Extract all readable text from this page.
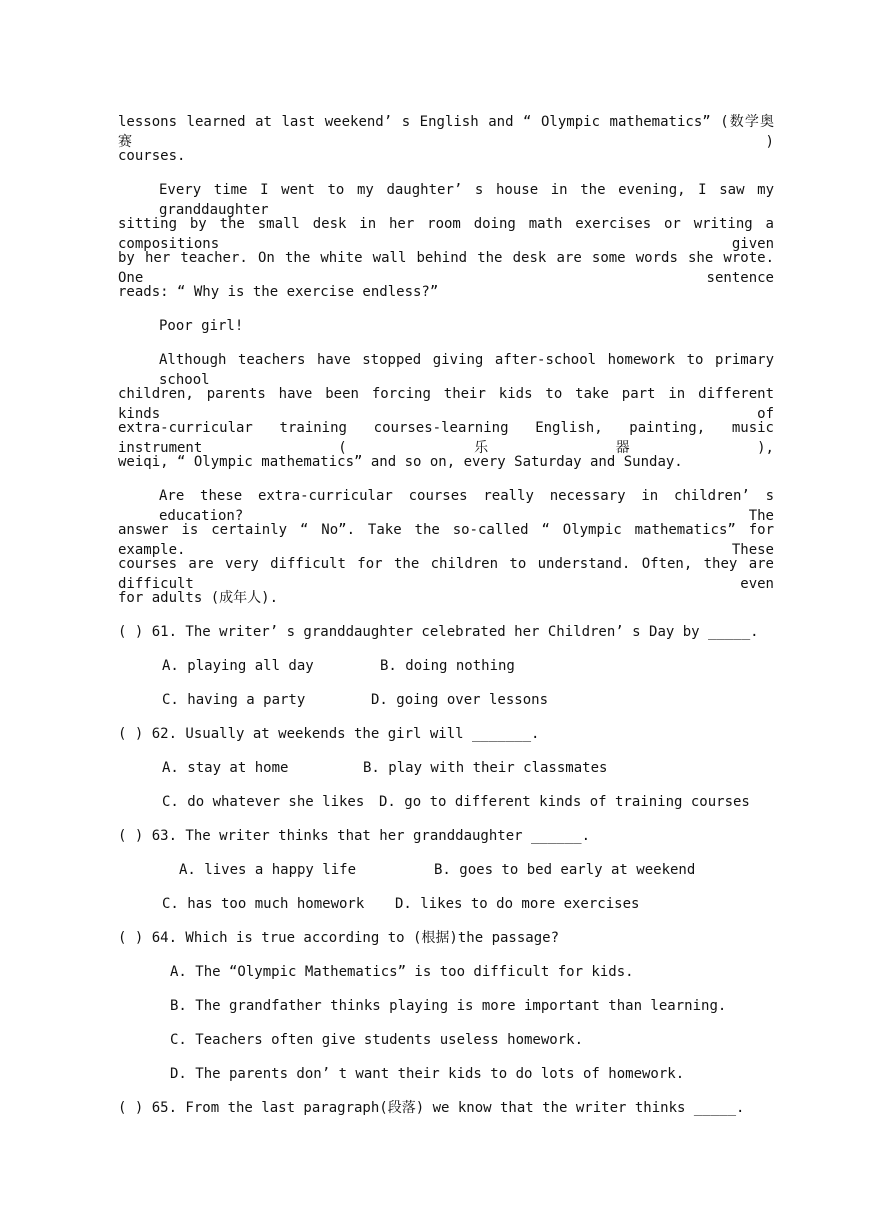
lessons learned at last weekend’ s English and “ Olympic mathematics” (数学奥赛)

courses.

Every time I went to my daughter’ s house in the evening, I saw my granddaughter

sitting by the small desk in her room doing math exercises or writing a compositions given

by her teacher. On the white wall behind the desk are some words she wrote. One sentence

reads: “ Why is the exercise endless?”

Poor girl!

Although teachers have stopped giving after-school homework to primary school

children, parents have been forcing their kids to take part in different kinds of

extra-curricular training courses-learning English, painting, music instrument (乐器),

weiqi, “ Olympic mathematics” and so on, every Saturday and Sunday.

Are these extra-curricular courses really necessary in children’ s education? The

answer is certainly “ No”. Take the so-called “ Olympic mathematics” for example. These

courses are very difficult for the children to understand. Often, they are difficult even

for adults (成年人).

( ) 61. The writer’ s granddaughter celebrated her Children’ s Day by _____.

A. playing all day	B. doing nothing

C. having a party	D. going over lessons

( ) 62. Usually at weekends the girl will _______.

A. stay at home	B. play with their classmates

C. do whatever she likes D. go to different kinds of training courses

( ) 63. The writer thinks that her granddaughter ______.

A. lives a happy life	B. goes to bed early at weekend

C. has too much homework D. likes to do more exercises

( ) 64. Which is true according to (根据)the passage?

A. The “Olympic Mathematics” is too difficult for kids.

B. The grandfather thinks playing is more important than learning.

C. Teachers often give students useless homework.

D. The parents don’ t want their kids to do lots of homework.

( ) 65. From the last paragraph(段落) we know that the writer thinks _____.
